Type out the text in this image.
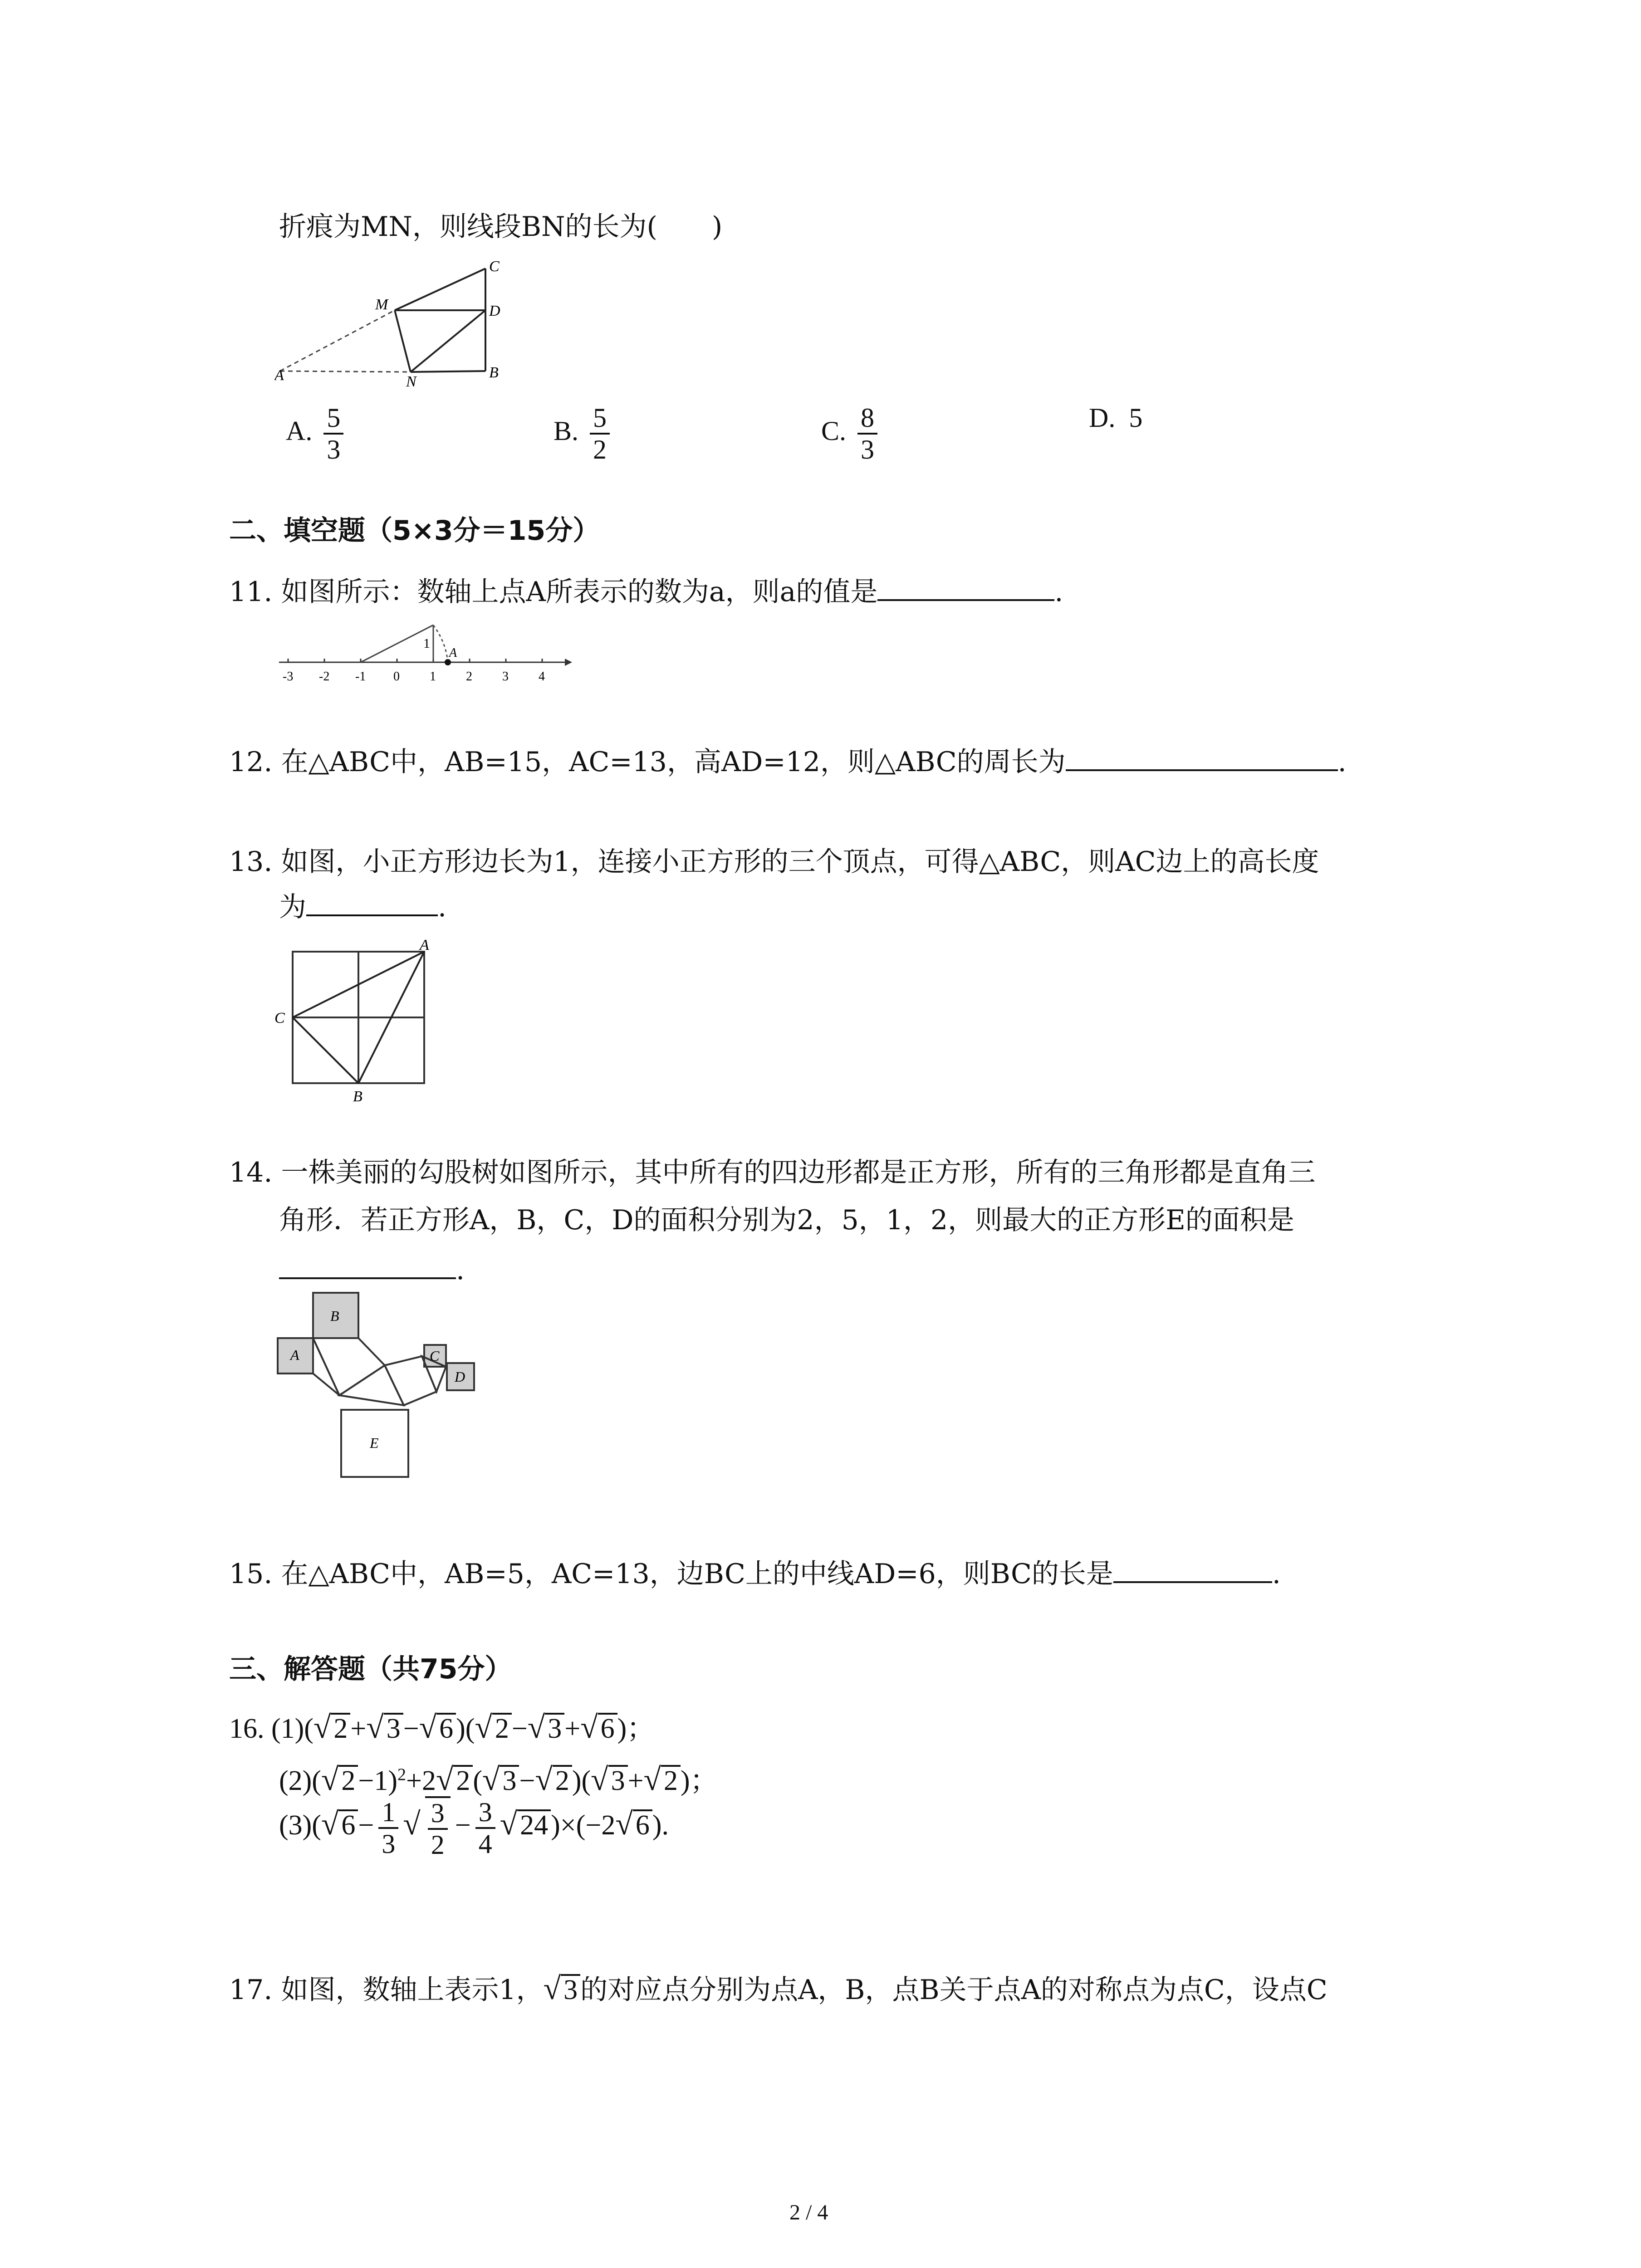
折痕为MN，则线段BN的长为(　　)
C
M	D
A	N
B
A. $\frac{5}{3}$	B. $\frac{5}{2}$	C. $\frac{8}{3}$	D. 5
二、填空题（5×3分＝15分）
11. 如图所示：数轴上点A所表示的数为a，则a的值是	.
1
A
-3 -2 -1 0 1 2 3 4
12. 在△ABC中，AB=15，AC=13，高AD=12，则△ABC的周长为	.
13. 如图，小正方形边长为1，连接小正方形的三个顶点，可得△ABC，则AC边上的高长度
为	.
A
C
B
14. 一株美丽的勾股树如图所示，其中所有的四边形都是正方形，所有的三角形都是直角三
角形．若正方形A，B，C，D的面积分别为2，5，1，2，则最大的正方形E的面积是
.
B
A	C
D
E
15. 在△ABC中，AB=5，AC=13，边BC上的中线AD=6，则BC的长是	.
三、解答题（共75分）
16. (1)(√2+√3−√6)(√2−√3+√6)；
$(2)(√2-1)^2+2√2(√3-√2)(√3+√2)$；
$(3)(√6- \frac{1}{3}$ √ $\frac{3}{2} - \frac{3}{4} √24)\times(-2√6)$.
17. 如图，数轴上表示1，√3 的对应点分别为点A，B，点B关于点A的对称点为点C，设点C
2 / 4
